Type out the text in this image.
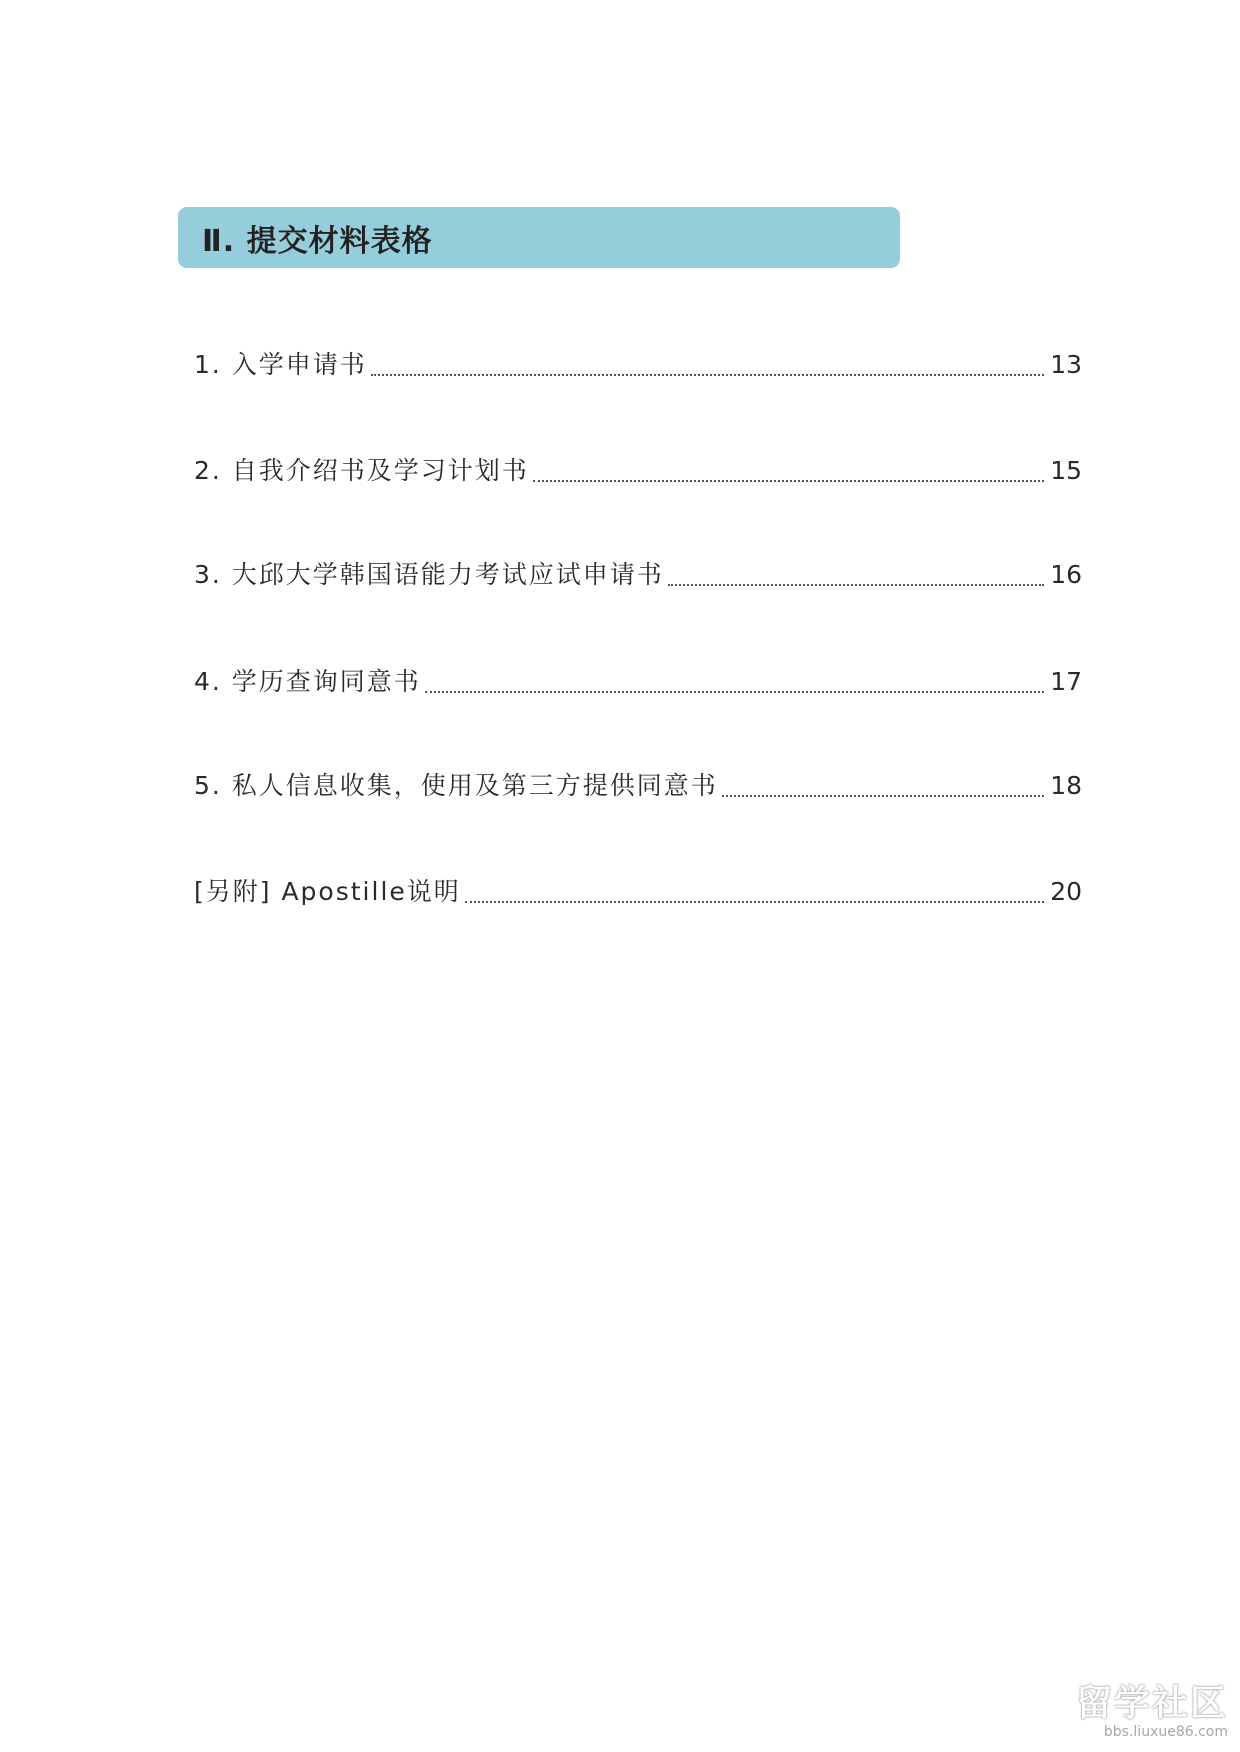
Ⅱ. 提交材料表格
1. 入学申请书	13
2. 自我介绍书及学习计划书	15
3. 大邱大学韩国语能力考试应试申请书	16
4. 学历查询同意书	17
5. 私人信息收集，使用及第三方提供同意书	18
[另附] Apostille说明	20
留学社区
bbs.liuxue86.com
